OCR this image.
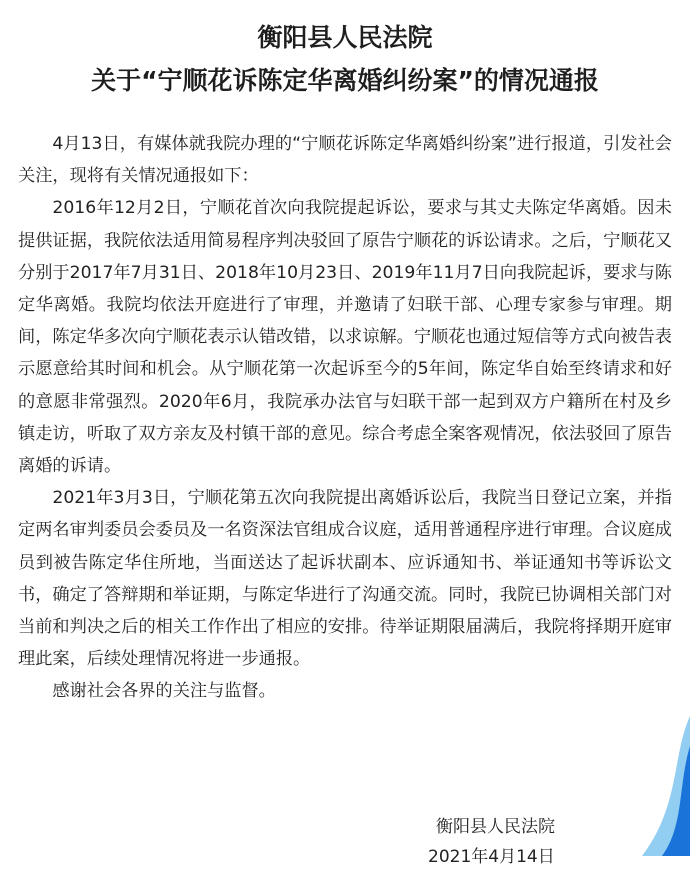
衡阳县人民法院
关于“宁顺花诉陈定华离婚纠纷案”的情况通报

4月13日，有媒体就我院办理的“宁顺花诉陈定华离婚纠纷案”进行报道，引发社会关注，现将有关情况通报如下：

2016年12月2日，宁顺花首次向我院提起诉讼，要求与其丈夫陈定华离婚。因未提供证据，我院依法适用简易程序判决驳回了原告宁顺花的诉讼请求。之后，宁顺花又分别于2017年7月31日、2018年10月23日、2019年11月7日向我院起诉，要求与陈定华离婚。我院均依法开庭进行了审理，并邀请了妇联干部、心理专家参与审理。期间，陈定华多次向宁顺花表示认错改错，以求谅解。宁顺花也通过短信等方式向被告表示愿意给其时间和机会。从宁顺花第一次起诉至今的5年间，陈定华自始至终请求和好的意愿非常强烈。2020年6月，我院承办法官与妇联干部一起到双方户籍所在村及乡镇走访，听取了双方亲友及村镇干部的意见。综合考虑全案客观情况，依法驳回了原告离婚的诉请。

2021年3月3日，宁顺花第五次向我院提出离婚诉讼后，我院当日登记立案，并指定两名审判委员会委员及一名资深法官组成合议庭，适用普通程序进行审理。合议庭成员到被告陈定华住所地，当面送达了起诉状副本、应诉通知书、举证通知书等诉讼文书，确定了答辩期和举证期，与陈定华进行了沟通交流。同时，我院已协调相关部门对当前和判决之后的相关工作作出了相应的安排。待举证期限届满后，我院将择期开庭审理此案，后续处理情况将进一步通报。

感谢社会各界的关注与监督。

衡阳县人民法院
2021年4月14日
